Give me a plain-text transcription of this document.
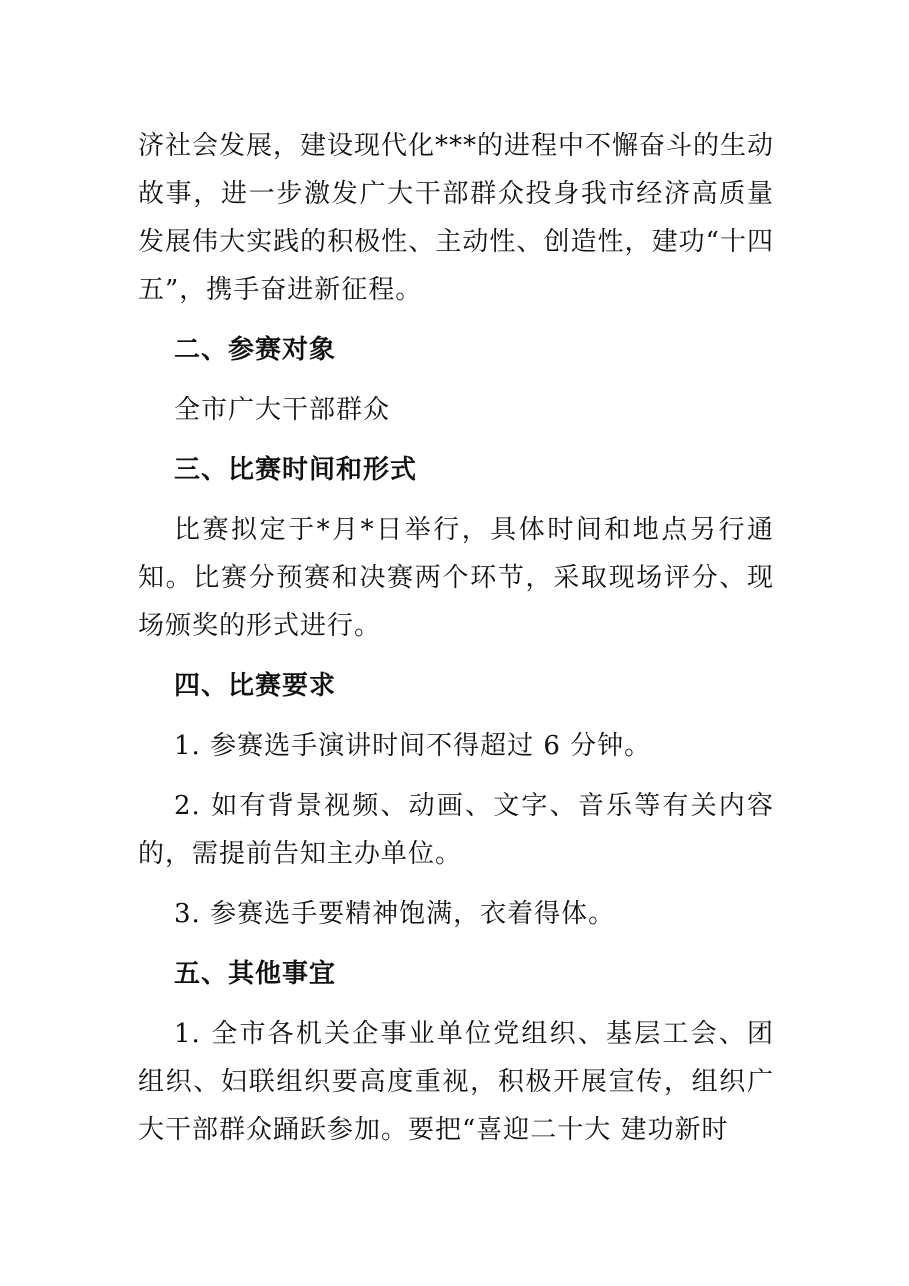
济社会发展，建设现代化***的进程中不懈奋斗的生动故事，进一步激发广大干部群众投身我市经济高质量发展伟大实践的积极性、主动性、创造性，建功“十四五”，携手奋进新征程。

二、参赛对象

全市广大干部群众

三、比赛时间和形式

比赛拟定于*月*日举行，具体时间和地点另行通知。比赛分预赛和决赛两个环节，采取现场评分、现场颁奖的形式进行。

四、比赛要求

1. 参赛选手演讲时间不得超过 6 分钟。

2. 如有背景视频、动画、文字、音乐等有关内容的，需提前告知主办单位。

3. 参赛选手要精神饱满，衣着得体。

五、其他事宜

1. 全市各机关企事业单位党组织、基层工会、团组织、妇联组织要高度重视，积极开展宣传，组织广大干部群众踊跃参加。要把“喜迎二十大 建功新时
